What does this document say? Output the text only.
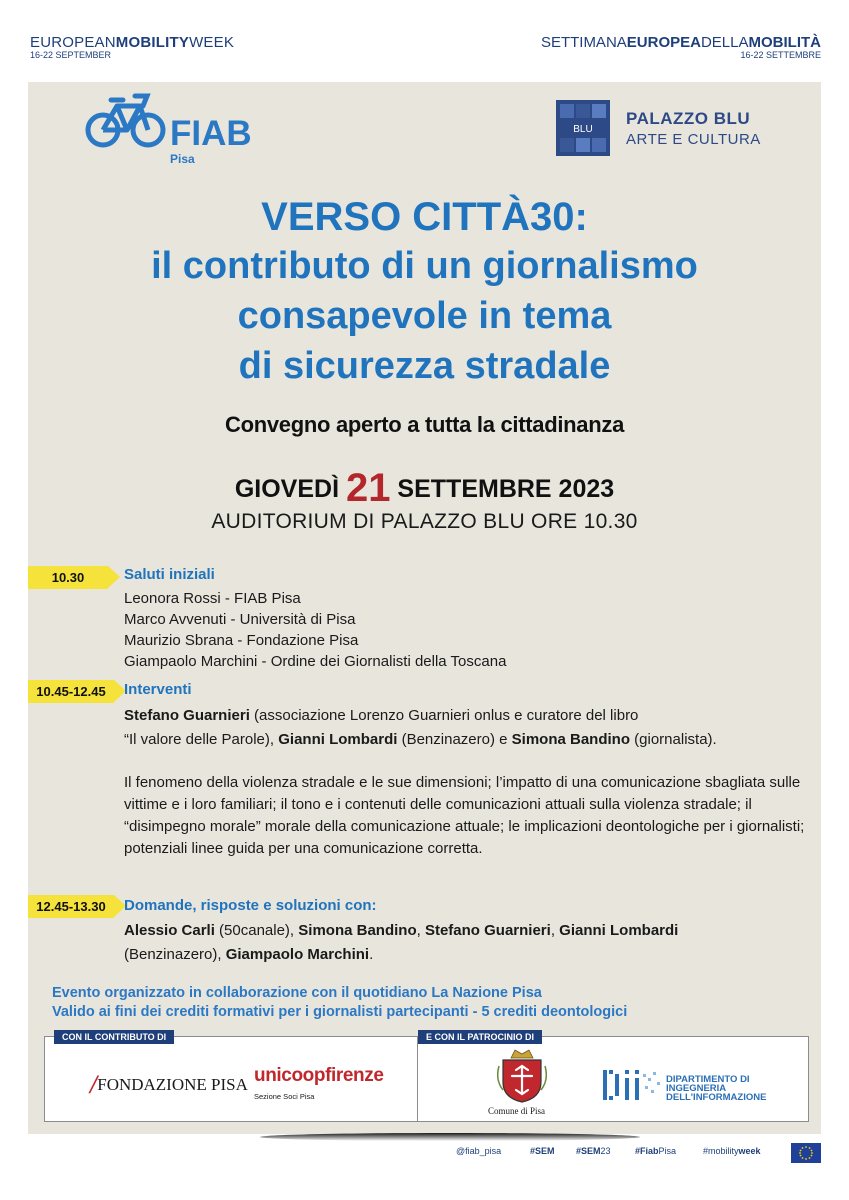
EUROPEANMOBILITYWEEK
16-22 SEPTEMBER
SETTIMANAEUROPEADELLAMOBILITÀ
16-22 SETTEMBRE
FIAB
Pisa
BLU
PALAZZO BLU
ARTE E CULTURA
VERSO CITTÀ30:
il contributo di un giornalismo
consapevole in tema
di sicurezza stradale
Convegno aperto a tutta la cittadinanza
GIOVEDÌ 21 SETTEMBRE 2023
AUDITORIUM DI PALAZZO BLU ORE 10.30
10.30	Saluti iniziali
Leonora Rossi - FIAB Pisa
Marco Avvenuti - Università di Pisa
Maurizio Sbrana - Fondazione Pisa
Giampaolo Marchini - Ordine dei Giornalisti della Toscana
10.45-12.45	Interventi
Stefano Guarnieri (associazione Lorenzo Guarnieri onlus e curatore del libro
“Il valore delle Parole), Gianni Lombardi (Benzinazero) e Simona Bandino (giornalista).
Il fenomeno della violenza stradale e le sue dimensioni; l’impatto di una comunicazione sbagliata sulle vittime e i loro familiari; il tono e i contenuti delle comunicazioni attuali sulla violenza stradale; il “disimpegno morale” morale della comunicazione attuale; le implicazioni deontologiche per i giornalisti; potenziali linee guida per una comunicazione corretta.
12.45-13.30	Domande, risposte e soluzioni con:
Alessio Carli (50canale), Simona Bandino, Stefano Guarnieri, Gianni Lombardi
(Benzinazero), Giampaolo Marchini.
Evento organizzato in collaborazione con il quotidiano La Nazione Pisa
Valido ai fini dei crediti formativi per i giornalisti partecipanti - 5 crediti deontologici
CON IL CONTRIBUTO DI	E CON IL PATROCINIO DI
/FONDAZIONE PISA unicoopfirenze
Sezione Soci Pisa
Comune di Pisa
DIPARTIMENTO DI
INGEGNERIA
DELL'INFORMAZIONE
@fiab_pisa	#SEM #SEM23	#FiabPisa	#mobilityweek
